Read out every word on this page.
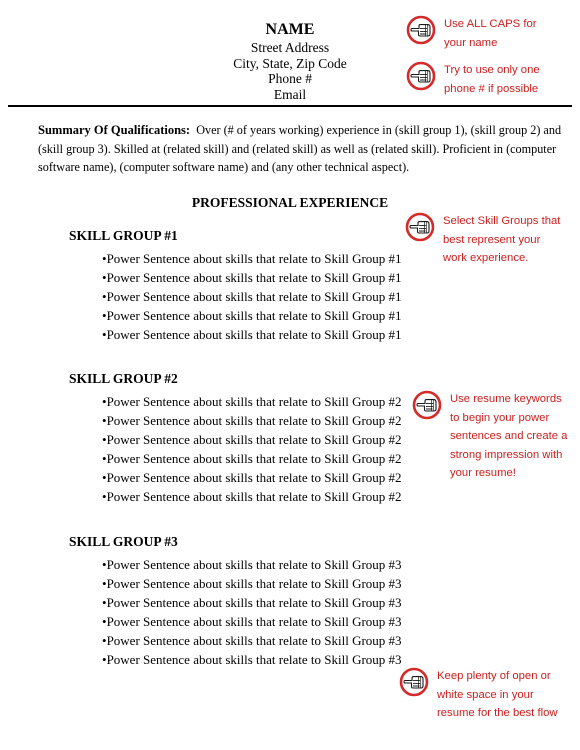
NAME
Street Address
City, State, Zip Code
Phone #
Email
Summary Of Qualifications: Over (# of years working) experience in (skill group 1), (skill group 2) and (skill group 3). Skilled at (related skill) and (related skill) as well as (related skill). Proficient in (computer software name), (computer software name) and (any other technical aspect).
PROFESSIONAL EXPERIENCE
SKILL GROUP #1
• Power Sentence about skills that relate to Skill Group #1
• Power Sentence about skills that relate to Skill Group #1
• Power Sentence about skills that relate to Skill Group #1
• Power Sentence about skills that relate to Skill Group #1
• Power Sentence about skills that relate to Skill Group #1
SKILL GROUP #2
• Power Sentence about skills that relate to Skill Group #2
• Power Sentence about skills that relate to Skill Group #2
• Power Sentence about skills that relate to Skill Group #2
• Power Sentence about skills that relate to Skill Group #2
• Power Sentence about skills that relate to Skill Group #2
• Power Sentence about skills that relate to Skill Group #2
SKILL GROUP #3
• Power Sentence about skills that relate to Skill Group #3
• Power Sentence about skills that relate to Skill Group #3
• Power Sentence about skills that relate to Skill Group #3
• Power Sentence about skills that relate to Skill Group #3
• Power Sentence about skills that relate to Skill Group #3
• Power Sentence about skills that relate to Skill Group #3
Use ALL CAPS for
your name
Try to use only one
phone # if possible
Select Skill Groups that
best represent your
work experience.
Use resume keywords
to begin your power
sentences and create a
strong impression with
your resume!
Keep plenty of open or
white space in your
resume for the best flow
